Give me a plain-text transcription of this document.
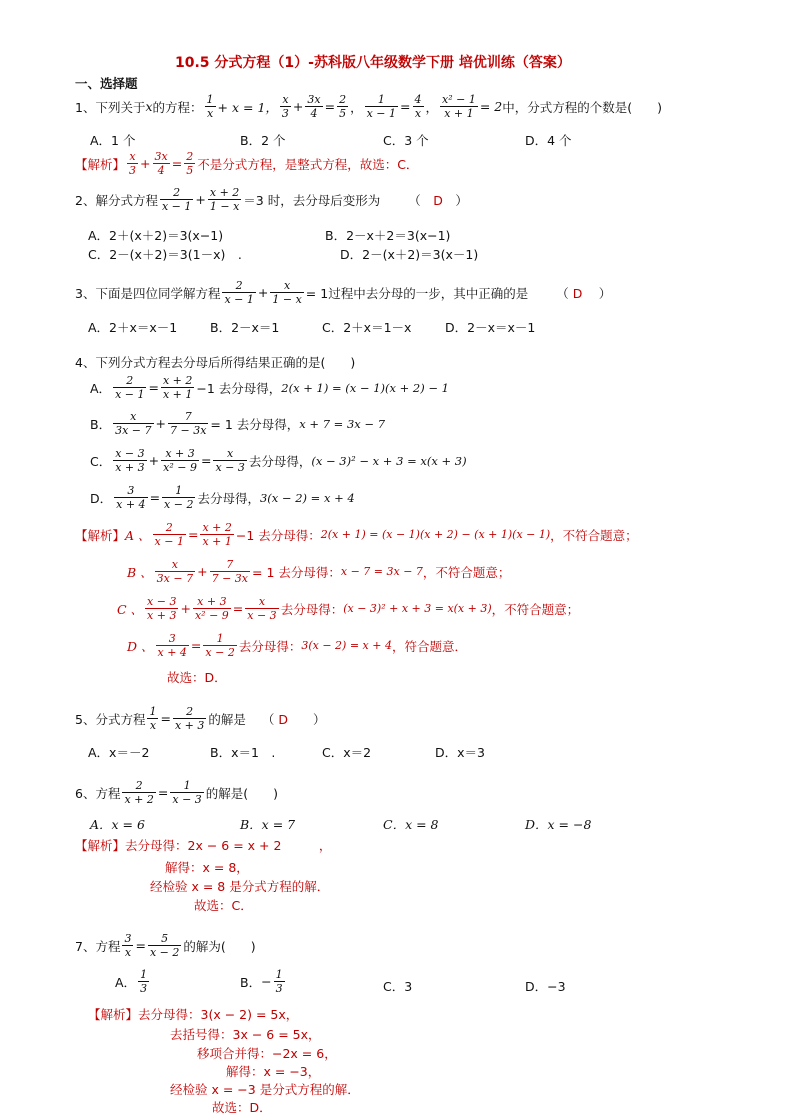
10.5 分式方程（1）-苏科版八年级数学下册 培优训练（答案）
一、选择题
1、 下列关于 x 的方程： 1
x + x = 1， x
$3 + \frac{3x}{4} = \frac{2}{5}$ ， $\frac{1}{x - 1} = \frac{4}{x}$ ， $\frac{\text{x² − 1}}{x + 1} = 2$ 中，分式方程的个数是(　　)
A．1 个	B．2 个	C．3 个	D．4 个
【解析】 x
$3 + \frac{3x}{4} = \frac{2}{5}$ 不是分式方程，是整式方程，故选：C．
2、 解分式方程	2
$x - 1 + \frac{x + 2}{1 - x} =3$ 时，去分母后变形为 （　D　）
A．2＋(x＋2)＝3(x−1)	B．2－x＋2＝3(x−1)
C．2－(x＋2)＝3(1－x)　.	D．2－(x＋2)＝3(x－1)
3、 下面是四位同学解方程	2
$x - 1 + \frac{x}{1 - x} = 1$过程中去分母的一步，其中正确的是 （ D　 ）
A．2＋x＝x－1	B．2－x＝1	C．2＋x＝1－x	D．2－x＝x－1
4、下列分式方程去分母后所得结果正确的是(　　)
A． $\frac{2}{x - 1} = \frac{x + 2}{x + 1} -1$ 去分母得， 2(x + 1) = (x − 1)(x + 2) − 1
B．	x
$3x - 7 + \frac{7}{7 - 3x} = 1$ 去分母得， x + 7 = 3x − 7
C． x − 3
$x + 3 + \frac{x + 3}{\text{x² − 9}} = \frac{x}{x - 3}$ 去分母得， (x − 3)² − x + 3 = x(x + 3)
D． $\frac{3}{x + 4} = \frac{1}{x - 2}$ 去分母得， 3(x − 2) = x + 4
【解析】 A 、 $\frac{2}{x - 1} = \frac{x + 2}{x + 1} -1$ 去分母得： 2(x + 1) = (x − 1)(x + 2) − (x + 1)(x − 1) ，不符合题意；
B 、	x
$3x - 7 + \frac{7}{7 - 3x} = 1$ 去分母得： x − 7 = 3x − 7 ，不符合题意；
C 、 x − 3
$x + 3 + \frac{x + 3}{\text{x² − 9}} = \frac{x}{x - 3}$ 去分母得： (x − 3)² + x + 3 = x(x + 3) ，不符合题意；
D 、 $\frac{3}{x + 4} = \frac{1}{x - 2}$ 去分母得： 3(x − 2) = x + 4 ，符合题意．
故选：D．
5、 分式方程 $\frac{1}{x} = \frac{2}{x + 3}$ 的解是 （ D　　）
A．x＝－2	B．x＝1　.	C．x＝2	D．x＝3
6、 方程 $\frac{2}{x + 2} = \frac{1}{x - 3}$ 的解是(　　)
A．x = 6	B．x = 7	C．x = 8	D．x = −8
【解析】去分母得：2x − 6 = x + 2　　　，
解得：x = 8，
经检验 x = 8 是分式方程的解．
故选：C．
7、 方程 $\frac{3}{x} = \frac{5}{x - 2}$ 的解为(　　)
A． 1
3	B． − $\frac{1}{3}$	C．3	D．−3
【解析】去分母得：3(x − 2) = 5x，
去括号得：3x − 6 = 5x，
移项合并得：−2x = 6，
解得：x = −3，
经检验 x = −3 是分式方程的解．
故选：D．
